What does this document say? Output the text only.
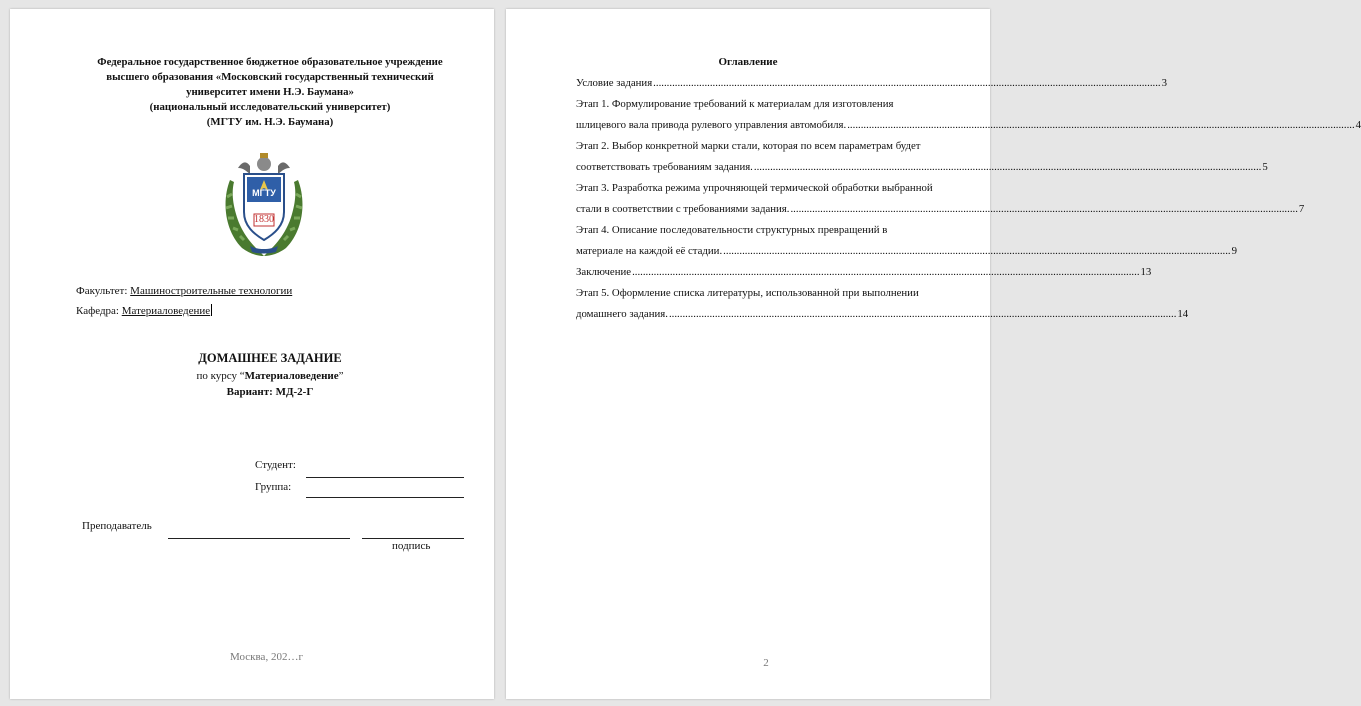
Федеральное государственное бюджетное образовательное учреждение
высшего образования «Московский государственный технический
университет имени Н.Э. Баумана»
(национальный исследовательский университет)
(МГТУ им. Н.Э. Баумана)
МГТУ
1830
Факультет: Машиностроительные технологии
Кафедра: Материаловедение
ДОМАШНЕЕ ЗАДАНИЕ
по курсу “Материаловедение”
Вариант: МД-2-Г
Студент:
Группа:
Преподаватель
подпись
Москва, 202…г
Оглавление
Условие задания ............................................................................................................................................................................................ 3
Этап 1. Формулирование требований к материалам для изготовления
шлицевого вала привода рулевого управления автомобиля. ............................................................................................................................................................................................ 4
Этап 2. Выбор конкретной марки стали, которая по всем параметрам будет
соответствовать требованиям задания. ............................................................................................................................................................................................ 5
Этап 3. Разработка режима упрочняющей термической обработки выбранной
стали в соответствии с требованиями задания. ............................................................................................................................................................................................ 7
Этап 4. Описание последовательности структурных превращений в
материале на каждой её стадии. ............................................................................................................................................................................................ 9
Заключение ............................................................................................................................................................................................ 13
Этап 5. Оформление списка литературы, использованной при выполнении
домашнего задания. ............................................................................................................................................................................................ 14
2
